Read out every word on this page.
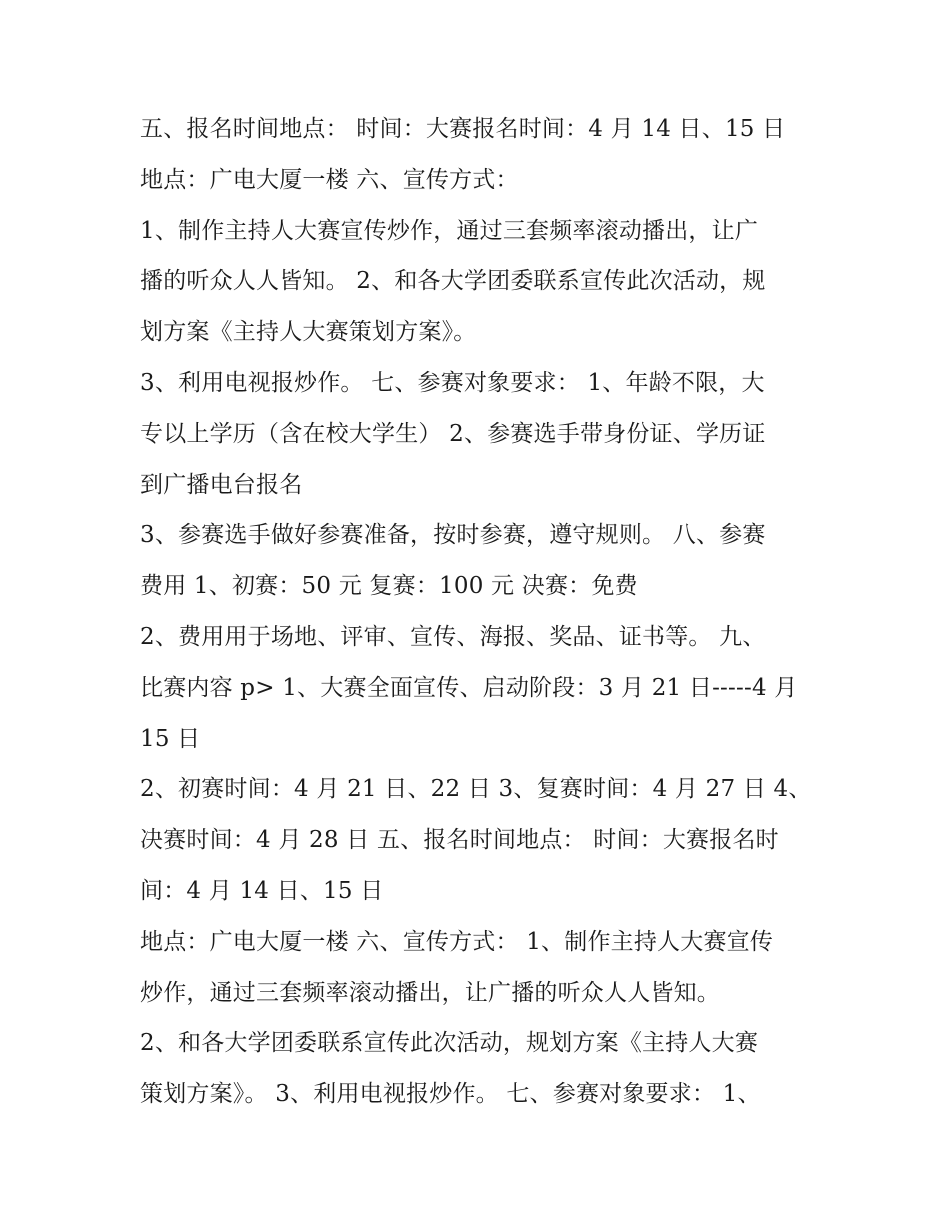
五、报名时间地点： 时间：大赛报名时间：4 月 14 日、15 日
地点：广电大厦一楼 六、宣传方式：
1、制作主持人大赛宣传炒作，通过三套频率滚动播出，让广
播的听众人人皆知。 2、和各大学团委联系宣传此次活动，规
划方案《主持人大赛策划方案》。
3、利用电视报炒作。 七、参赛对象要求： 1、年龄不限，大
专以上学历（含在校大学生） 2、参赛选手带身份证、学历证
到广播电台报名
3、参赛选手做好参赛准备，按时参赛，遵守规则。 八、参赛
费用 1、初赛：50 元 复赛：100 元 决赛：免费
2、费用用于场地、评审、宣传、海报、奖品、证书等。 九、
比赛内容 p> 1、大赛全面宣传、启动阶段：3 月 21 日-----4 月
15 日
2、初赛时间：4 月 21 日、22 日 3、复赛时间：4 月 27 日 4、
决赛时间：4 月 28 日 五、报名时间地点： 时间：大赛报名时
间：4 月 14 日、15 日
地点：广电大厦一楼 六、宣传方式： 1、制作主持人大赛宣传
炒作，通过三套频率滚动播出，让广播的听众人人皆知。
2、和各大学团委联系宣传此次活动，规划方案《主持人大赛
策划方案》。 3、利用电视报炒作。 七、参赛对象要求： 1、
